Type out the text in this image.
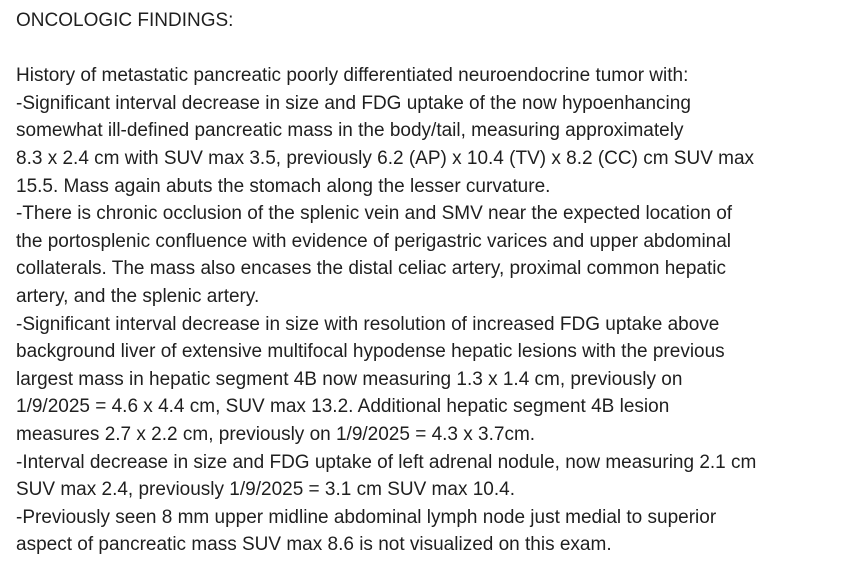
ONCOLOGIC FINDINGS:
History of metastatic pancreatic poorly differentiated neuroendocrine tumor with:
-Significant interval decrease in size and FDG uptake of the now hypoenhancing
somewhat ill-defined pancreatic mass in the body/tail, measuring approximately
8.3 x 2.4 cm with SUV max 3.5, previously 6.2 (AP) x 10.4 (TV) x 8.2 (CC) cm SUV max
15.5. Mass again abuts the stomach along the lesser curvature.
-There is chronic occlusion of the splenic vein and SMV near the expected location of
the portosplenic confluence with evidence of perigastric varices and upper abdominal
collaterals. The mass also encases the distal celiac artery, proximal common hepatic
artery, and the splenic artery.
-Significant interval decrease in size with resolution of increased FDG uptake above
background liver of extensive multifocal hypodense hepatic lesions with the previous
largest mass in hepatic segment 4B now measuring 1.3 x 1.4 cm, previously on
1/9/2025 = 4.6 x 4.4 cm, SUV max 13.2. Additional hepatic segment 4B lesion
measures 2.7 x 2.2 cm, previously on 1/9/2025 = 4.3 x 3.7cm.
-Interval decrease in size and FDG uptake of left adrenal nodule, now measuring 2.1 cm
SUV max 2.4, previously 1/9/2025 = 3.1 cm SUV max 10.4.
-Previously seen 8 mm upper midline abdominal lymph node just medial to superior
aspect of pancreatic mass SUV max 8.6 is not visualized on this exam.
